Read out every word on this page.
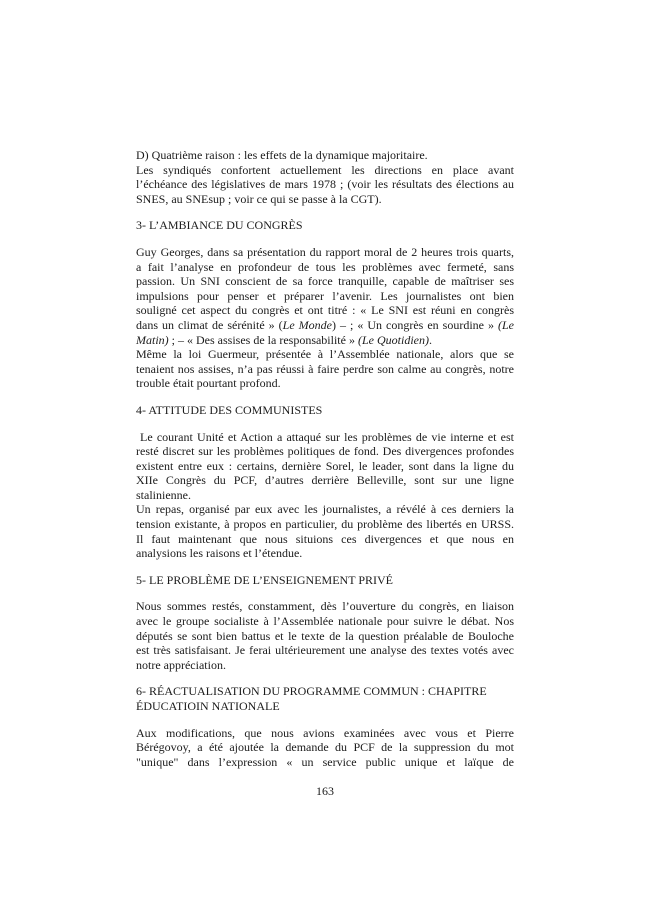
D) Quatrième raison : les effets de la dynamique majoritaire.
Les syndiqués confortent actuellement les directions en place avant
l’échéance des législatives de mars 1978 ; (voir les résultats des élections au
SNES, au SNEsup ; voir ce qui se passe à la CGT).
3- L’AMBIANCE DU CONGRÈS
Guy Georges, dans sa présentation du rapport moral de 2 heures trois quarts,
a fait l’analyse en profondeur de tous les problèmes avec fermeté, sans
passion. Un SNI conscient de sa force tranquille, capable de maîtriser ses
impulsions pour penser et préparer l’avenir. Les journalistes ont bien
souligné cet aspect du congrès et ont titré : « Le SNI est réuni en congrès
dans un climat de sérénité » (Le Monde) – ; « Un congrès en sourdine » (Le
Matin) ; – « Des assises de la responsabilité » (Le Quotidien).
Même la loi Guermeur, présentée à l’Assemblée nationale, alors que se
tenaient nos assises, n’a pas réussi à faire perdre son calme au congrès, notre
trouble était pourtant profond.
4- ATTITUDE DES COMMUNISTES
Le courant Unité et Action a attaqué sur les problèmes de vie interne et est
resté discret sur les problèmes politiques de fond. Des divergences profondes
existent entre eux : certains, dernière Sorel, le leader, sont dans la ligne du
XIIe Congrès du PCF, d’autres derrière Belleville, sont sur une ligne
stalinienne.
Un repas, organisé par eux avec les journalistes, a révélé à ces derniers la
tension existante, à propos en particulier, du problème des libertés en URSS.
Il faut maintenant que nous situions ces divergences et que nous en
analysions les raisons et l’étendue.
5- LE PROBLÈME DE L’ENSEIGNEMENT PRIVÉ
Nous sommes restés, constamment, dès l’ouverture du congrès, en liaison
avec le groupe socialiste à l’Assemblée nationale pour suivre le débat. Nos
députés se sont bien battus et le texte de la question préalable de Bouloche
est très satisfaisant. Je ferai ultérieurement une analyse des textes votés avec
notre appréciation.
6- RÉACTUALISATION DU PROGRAMME COMMUN : CHAPITRE
ÉDUCATIOIN NATIONALE
Aux modifications, que nous avions examinées avec vous et Pierre
Bérégovoy, a été ajoutée la demande du PCF de la suppression du mot
"unique" dans l’expression « un service public unique et laïque de
163
